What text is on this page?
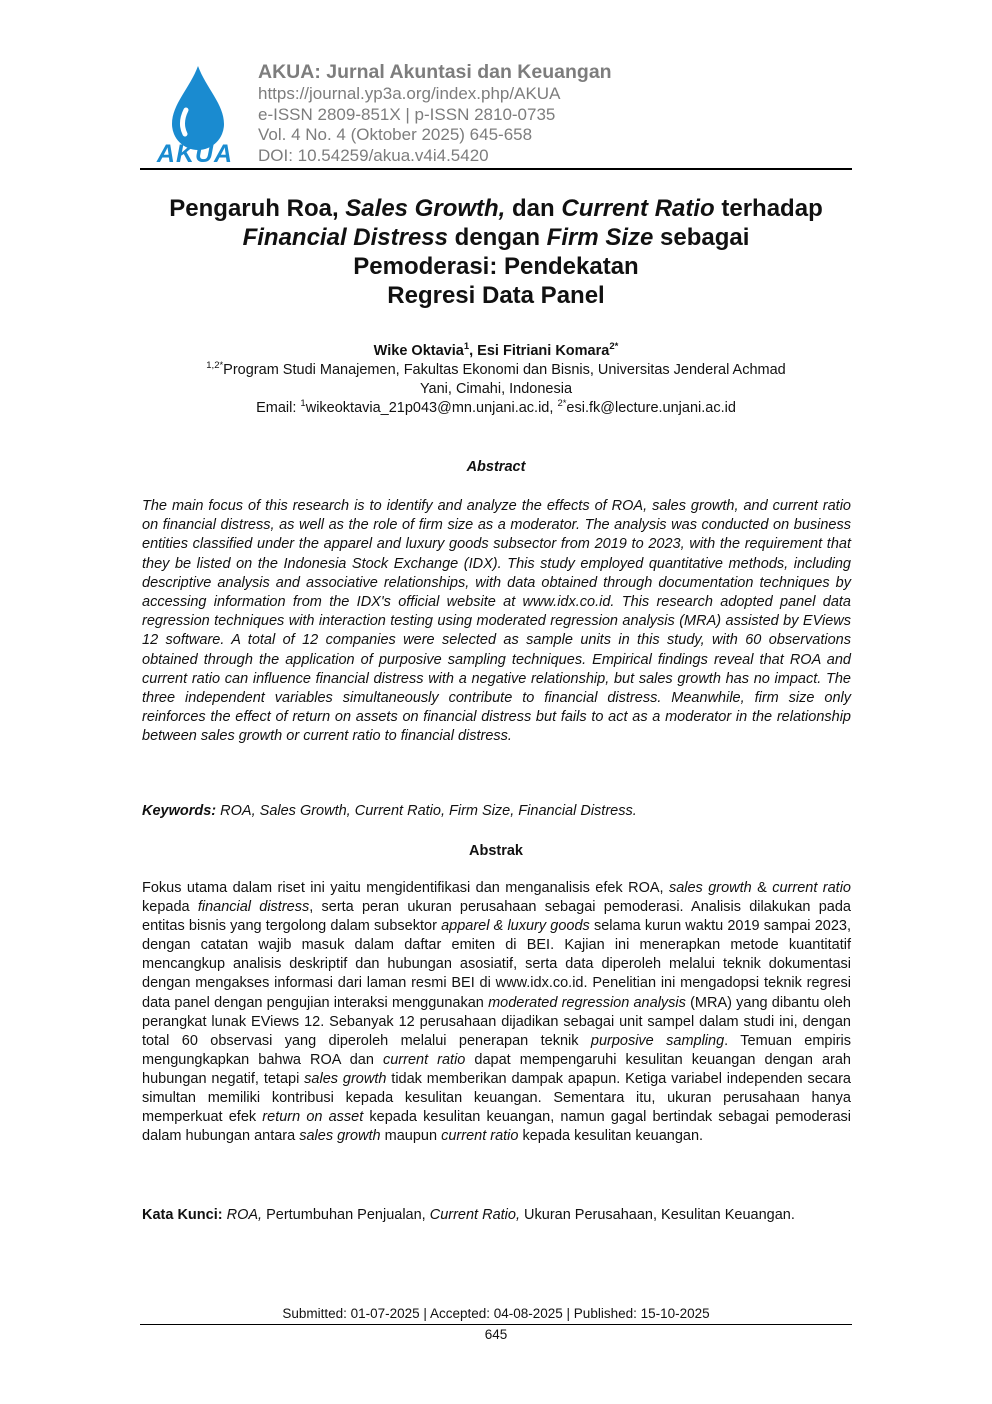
AKUA
AKUA: Jurnal Akuntasi dan Keuangan
https://journal.yp3a.org/index.php/AKUA
e-ISSN 2809-851X | p-ISSN 2810-0735
Vol. 4 No. 4 (Oktober 2025) 645-658
DOI: 10.54259/akua.v4i4.5420
Pengaruh Roa, Sales Growth, dan Current Ratio terhadap
Financial Distress dengan Firm Size sebagai
Pemoderasi: Pendekatan
Regresi Data Panel
Wike Oktavia$^1$, Esi Fitriani Komara$^{2*}$
$^{1,2*}$Program Studi Manajemen, Fakultas Ekonomi dan Bisnis, Universitas Jenderal Achmad
Yani, Cimahi, Indonesia
Email: $^1$wikeoktavia_21p043@mn.unjani.ac.id, $^{2*}$esi.fk@lecture.unjani.ac.id
Abstract
The main focus of this research is to identify and analyze the effects of ROA, sales growth, and current ratio on financial distress, as well as the role of firm size as a moderator. The analysis was conducted on business entities classified under the apparel and luxury goods subsector from 2019 to 2023, with the requirement that they be listed on the Indonesia Stock Exchange (IDX). This study employed quantitative methods, including descriptive analysis and associative relationships, with data obtained through documentation techniques by accessing information from the IDX's official website at www.idx.co.id. This research adopted panel data regression techniques with interaction testing using moderated regression analysis (MRA) assisted by EViews 12 software. A total of 12 companies were selected as sample units in this study, with 60 observations obtained through the application of purposive sampling techniques. Empirical findings reveal that ROA and current ratio can influence financial distress with a negative relationship, but sales growth has no impact. The three independent variables simultaneously contribute to financial distress. Meanwhile, firm size only reinforces the effect of return on assets on financial distress but fails to act as a moderator in the relationship between sales growth or current ratio to financial distress.
Keywords: ROA, Sales Growth, Current Ratio, Firm Size, Financial Distress.
Abstrak
Fokus utama dalam riset ini yaitu mengidentifikasi dan menganalisis efek ROA, sales growth & current ratio kepada financial distress, serta peran ukuran perusahaan sebagai pemoderasi. Analisis dilakukan pada entitas bisnis yang tergolong dalam subsektor apparel & luxury goods selama kurun waktu 2019 sampai 2023, dengan catatan wajib masuk dalam daftar emiten di BEI. Kajian ini menerapkan metode kuantitatif mencangkup analisis deskriptif dan hubungan asosiatif, serta data diperoleh melalui teknik dokumentasi dengan mengakses informasi dari laman resmi BEI di www.idx.co.id. Penelitian ini mengadopsi teknik regresi data panel dengan pengujian interaksi menggunakan moderated regression analysis (MRA) yang dibantu oleh perangkat lunak EViews 12. Sebanyak 12 perusahaan dijadikan sebagai unit sampel dalam studi ini, dengan total 60 observasi yang diperoleh melalui penerapan teknik purposive sampling. Temuan empiris mengungkapkan bahwa ROA dan current ratio dapat mempengaruhi kesulitan keuangan dengan arah hubungan negatif, tetapi sales growth tidak memberikan dampak apapun. Ketiga variabel independen secara simultan memiliki kontribusi kepada kesulitan keuangan. Sementara itu, ukuran perusahaan hanya memperkuat efek return on asset kepada kesulitan keuangan, namun gagal bertindak sebagai pemoderasi dalam hubungan antara sales growth maupun current ratio kepada kesulitan keuangan.
Kata Kunci: ROA, Pertumbuhan Penjualan, Current Ratio, Ukuran Perusahaan, Kesulitan Keuangan.
Submitted: 01-07-2025 | Accepted: 04-08-2025 | Published: 15-10-2025
645
